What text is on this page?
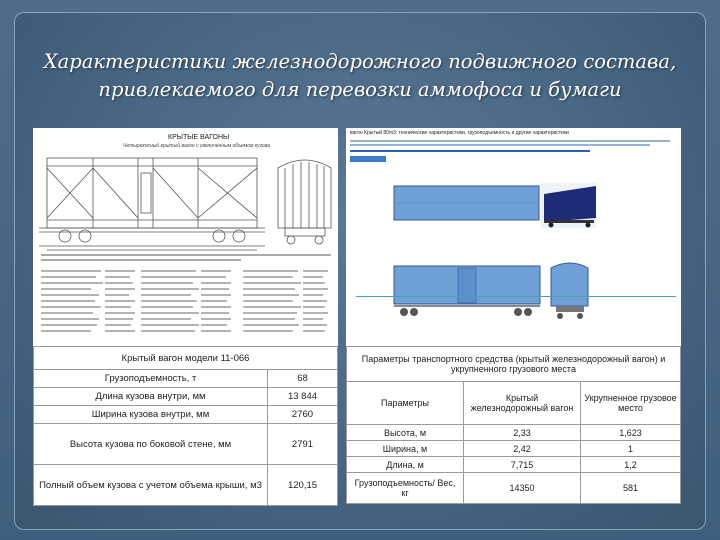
Характеристики железнодорожного подвижного состава, привлекаемого для перевозки аммофоса и бумаги
КРЫТЫЕ ВАГОНЫ
Четырехосный крытый вагон с увеличенным объемом кузова
вагон Крытый 80m3: технические характеристики, грузоподъемность и другие характеристики
Крытый вагон модели 11-066	
Грузоподъемность, т	68
Длина кузова внутри, мм	13 844
Ширина кузова внутри, мм	2760
Высота кузова по боковой стене, мм	2791
Полный объем кузова с учетом объема крыши, м3	120,15
Параметры транспортного средства (крытый железнодорожный вагон) и укрупненного грузового места		
Параметры	Крытый железнодорожный вагон	Укрупненное грузовое место
Высота, м	2,33	1,623
Ширина, м	2,42	1
Длина, м	7,715	1,2
Грузоподъемность/ Вес, кг	14350	581
